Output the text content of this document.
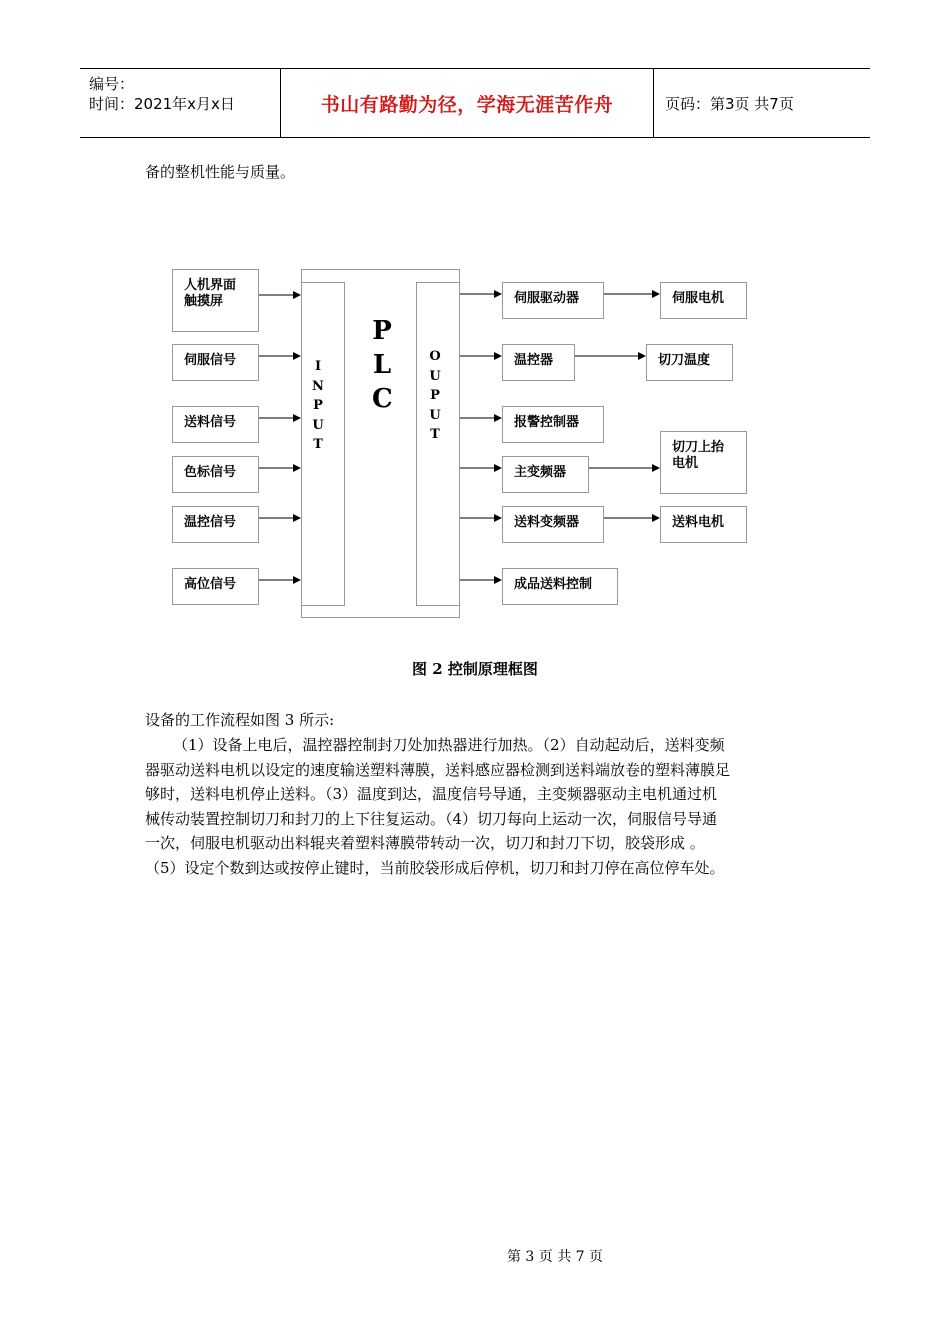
编号：
时间：2021年x月x日	书山有路勤为径，学海无涯苦作舟	页码：第3页 共7页
备的整机性能与质量。
I
N
P
U
T
O
U
P
U
T
P
L
C
人机界面
触摸屏
伺服信号
送料信号
色标信号
温控信号
高位信号
伺服驱动器
温控器
报警控制器
主变频器
送料变频器
成品送料控制
伺服电机
切刀温度
切刀上抬
电机
送料电机
图 2 控制原理框图
设备的工作流程如图 3 所示:
（1）设备上电后，温控器控制封刀处加热器进行加热。（2）自动起动后，送料变频
器驱动送料电机以设定的速度输送塑料薄膜，送料感应器检测到送料端放卷的塑料薄膜足
够时，送料电机停止送料。（3）温度到达，温度信号导通，主变频器驱动主电机通过机
械传动装置控制切刀和封刀的上下往复运动。（4）切刀每向上运动一次，伺服信号导通
一次，伺服电机驱动出料辊夹着塑料薄膜带转动一次，切刀和封刀下切，胶袋形成 。
（5）设定个数到达或按停止键时，当前胶袋形成后停机，切刀和封刀停在高位停车处。
第 3 页 共 7 页
